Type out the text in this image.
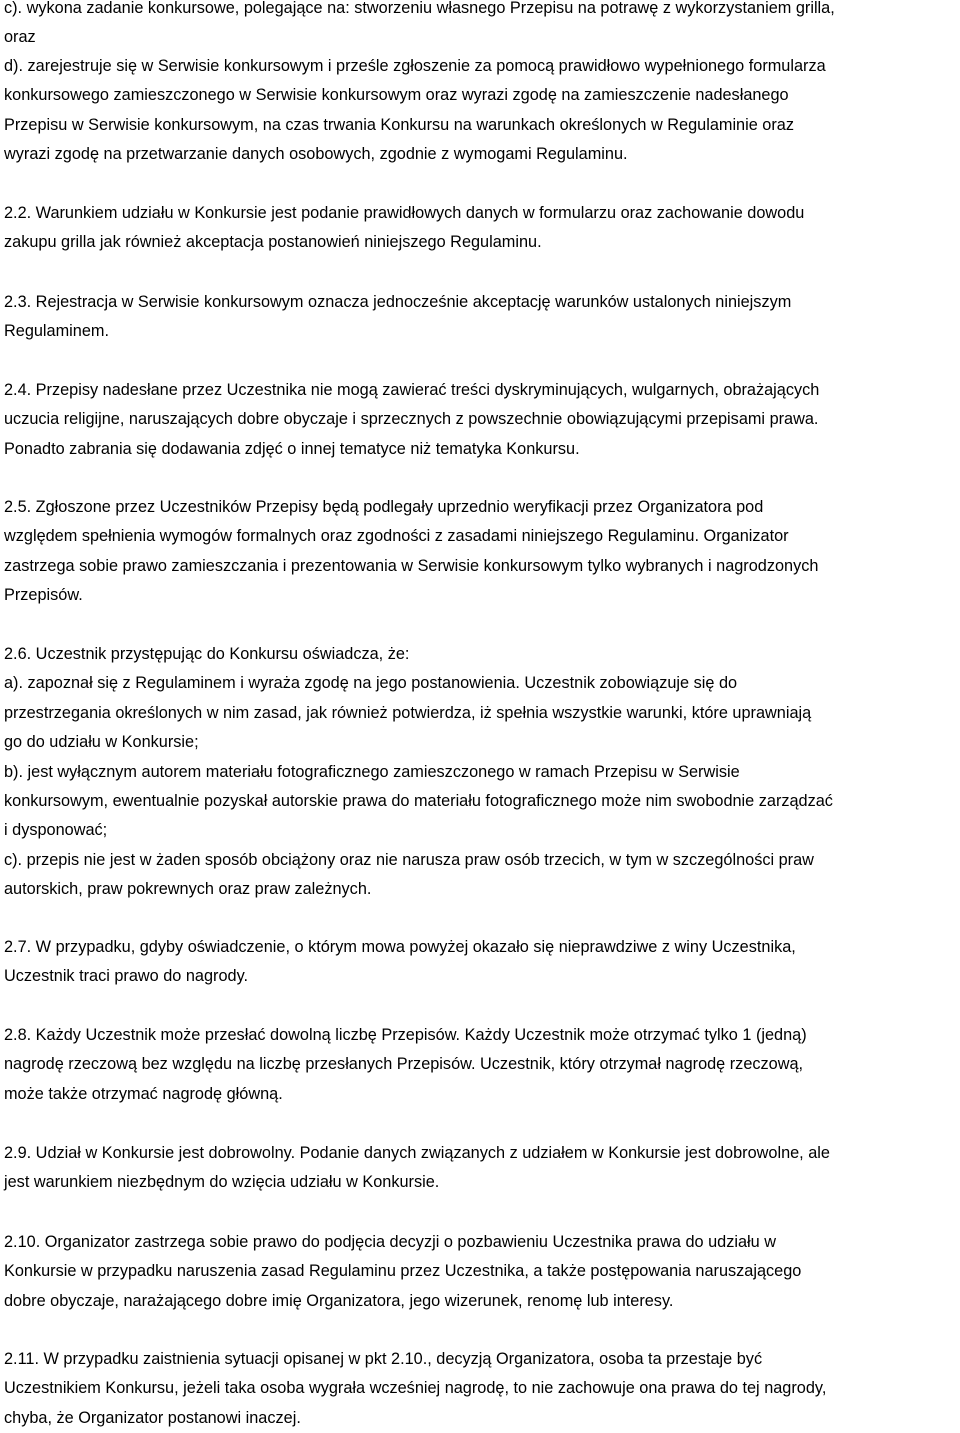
c). wykona zadanie konkursowe, polegające na: stworzeniu własnego Przepisu na potrawę z wykorzystaniem grilla,
oraz
d). zarejestruje się w Serwisie konkursowym i prześle zgłoszenie za pomocą prawidłowo wypełnionego formularza
konkursowego zamieszczonego w Serwisie konkursowym oraz wyrazi zgodę na zamieszczenie nadesłanego
Przepisu w Serwisie konkursowym, na czas trwania Konkursu na warunkach określonych w Regulaminie oraz
wyrazi zgodę na przetwarzanie danych osobowych, zgodnie z wymogami Regulaminu.
2.2. Warunkiem udziału w Konkursie jest podanie prawidłowych danych w formularzu oraz zachowanie dowodu
zakupu grilla jak również akceptacja postanowień niniejszego Regulaminu.
2.3. Rejestracja w Serwisie konkursowym oznacza jednocześnie akceptację warunków ustalonych niniejszym
Regulaminem.
2.4. Przepisy nadesłane przez Uczestnika nie mogą zawierać treści dyskryminujących, wulgarnych, obrażających
uczucia religijne, naruszających dobre obyczaje i sprzecznych z powszechnie obowiązującymi przepisami prawa.
Ponadto zabrania się dodawania zdjęć o innej tematyce niż tematyka Konkursu.
2.5. Zgłoszone przez Uczestników Przepisy będą podlegały uprzednio weryfikacji przez Organizatora pod
względem spełnienia wymogów formalnych oraz zgodności z zasadami niniejszego Regulaminu. Organizator
zastrzega sobie prawo zamieszczania i prezentowania w Serwisie konkursowym tylko wybranych i nagrodzonych
Przepisów.
2.6. Uczestnik przystępując do Konkursu oświadcza, że:
a). zapoznał się z Regulaminem i wyraża zgodę na jego postanowienia. Uczestnik zobowiązuje się do
przestrzegania określonych w nim zasad, jak również potwierdza, iż spełnia wszystkie warunki, które uprawniają
go do udziału w Konkursie;
b). jest wyłącznym autorem materiału fotograficznego zamieszczonego w ramach Przepisu w Serwisie
konkursowym, ewentualnie pozyskał autorskie prawa do materiału fotograficznego może nim swobodnie zarządzać
i dysponować;
c). przepis nie jest w żaden sposób obciążony oraz nie narusza praw osób trzecich, w tym w szczególności praw
autorskich, praw pokrewnych oraz praw zależnych.
2.7. W przypadku, gdyby oświadczenie, o którym mowa powyżej okazało się nieprawdziwe z winy Uczestnika,
Uczestnik traci prawo do nagrody.
2.8. Każdy Uczestnik może przesłać dowolną liczbę Przepisów. Każdy Uczestnik może otrzymać tylko 1 (jedną)
nagrodę rzeczową bez względu na liczbę przesłanych Przepisów. Uczestnik, który otrzymał nagrodę rzeczową,
może także otrzymać nagrodę główną.
2.9. Udział w Konkursie jest dobrowolny. Podanie danych związanych z udziałem w Konkursie jest dobrowolne, ale
jest warunkiem niezbędnym do wzięcia udziału w Konkursie.
2.10. Organizator zastrzega sobie prawo do podjęcia decyzji o pozbawieniu Uczestnika prawa do udziału w
Konkursie w przypadku naruszenia zasad Regulaminu przez Uczestnika, a także postępowania naruszającego
dobre obyczaje, narażającego dobre imię Organizatora, jego wizerunek, renomę lub interesy.
2.11. W przypadku zaistnienia sytuacji opisanej w pkt 2.10., decyzją Organizatora, osoba ta przestaje być
Uczestnikiem Konkursu, jeżeli taka osoba wygrała wcześniej nagrodę, to nie zachowuje ona prawa do tej nagrody,
chyba, że Organizator postanowi inaczej.
